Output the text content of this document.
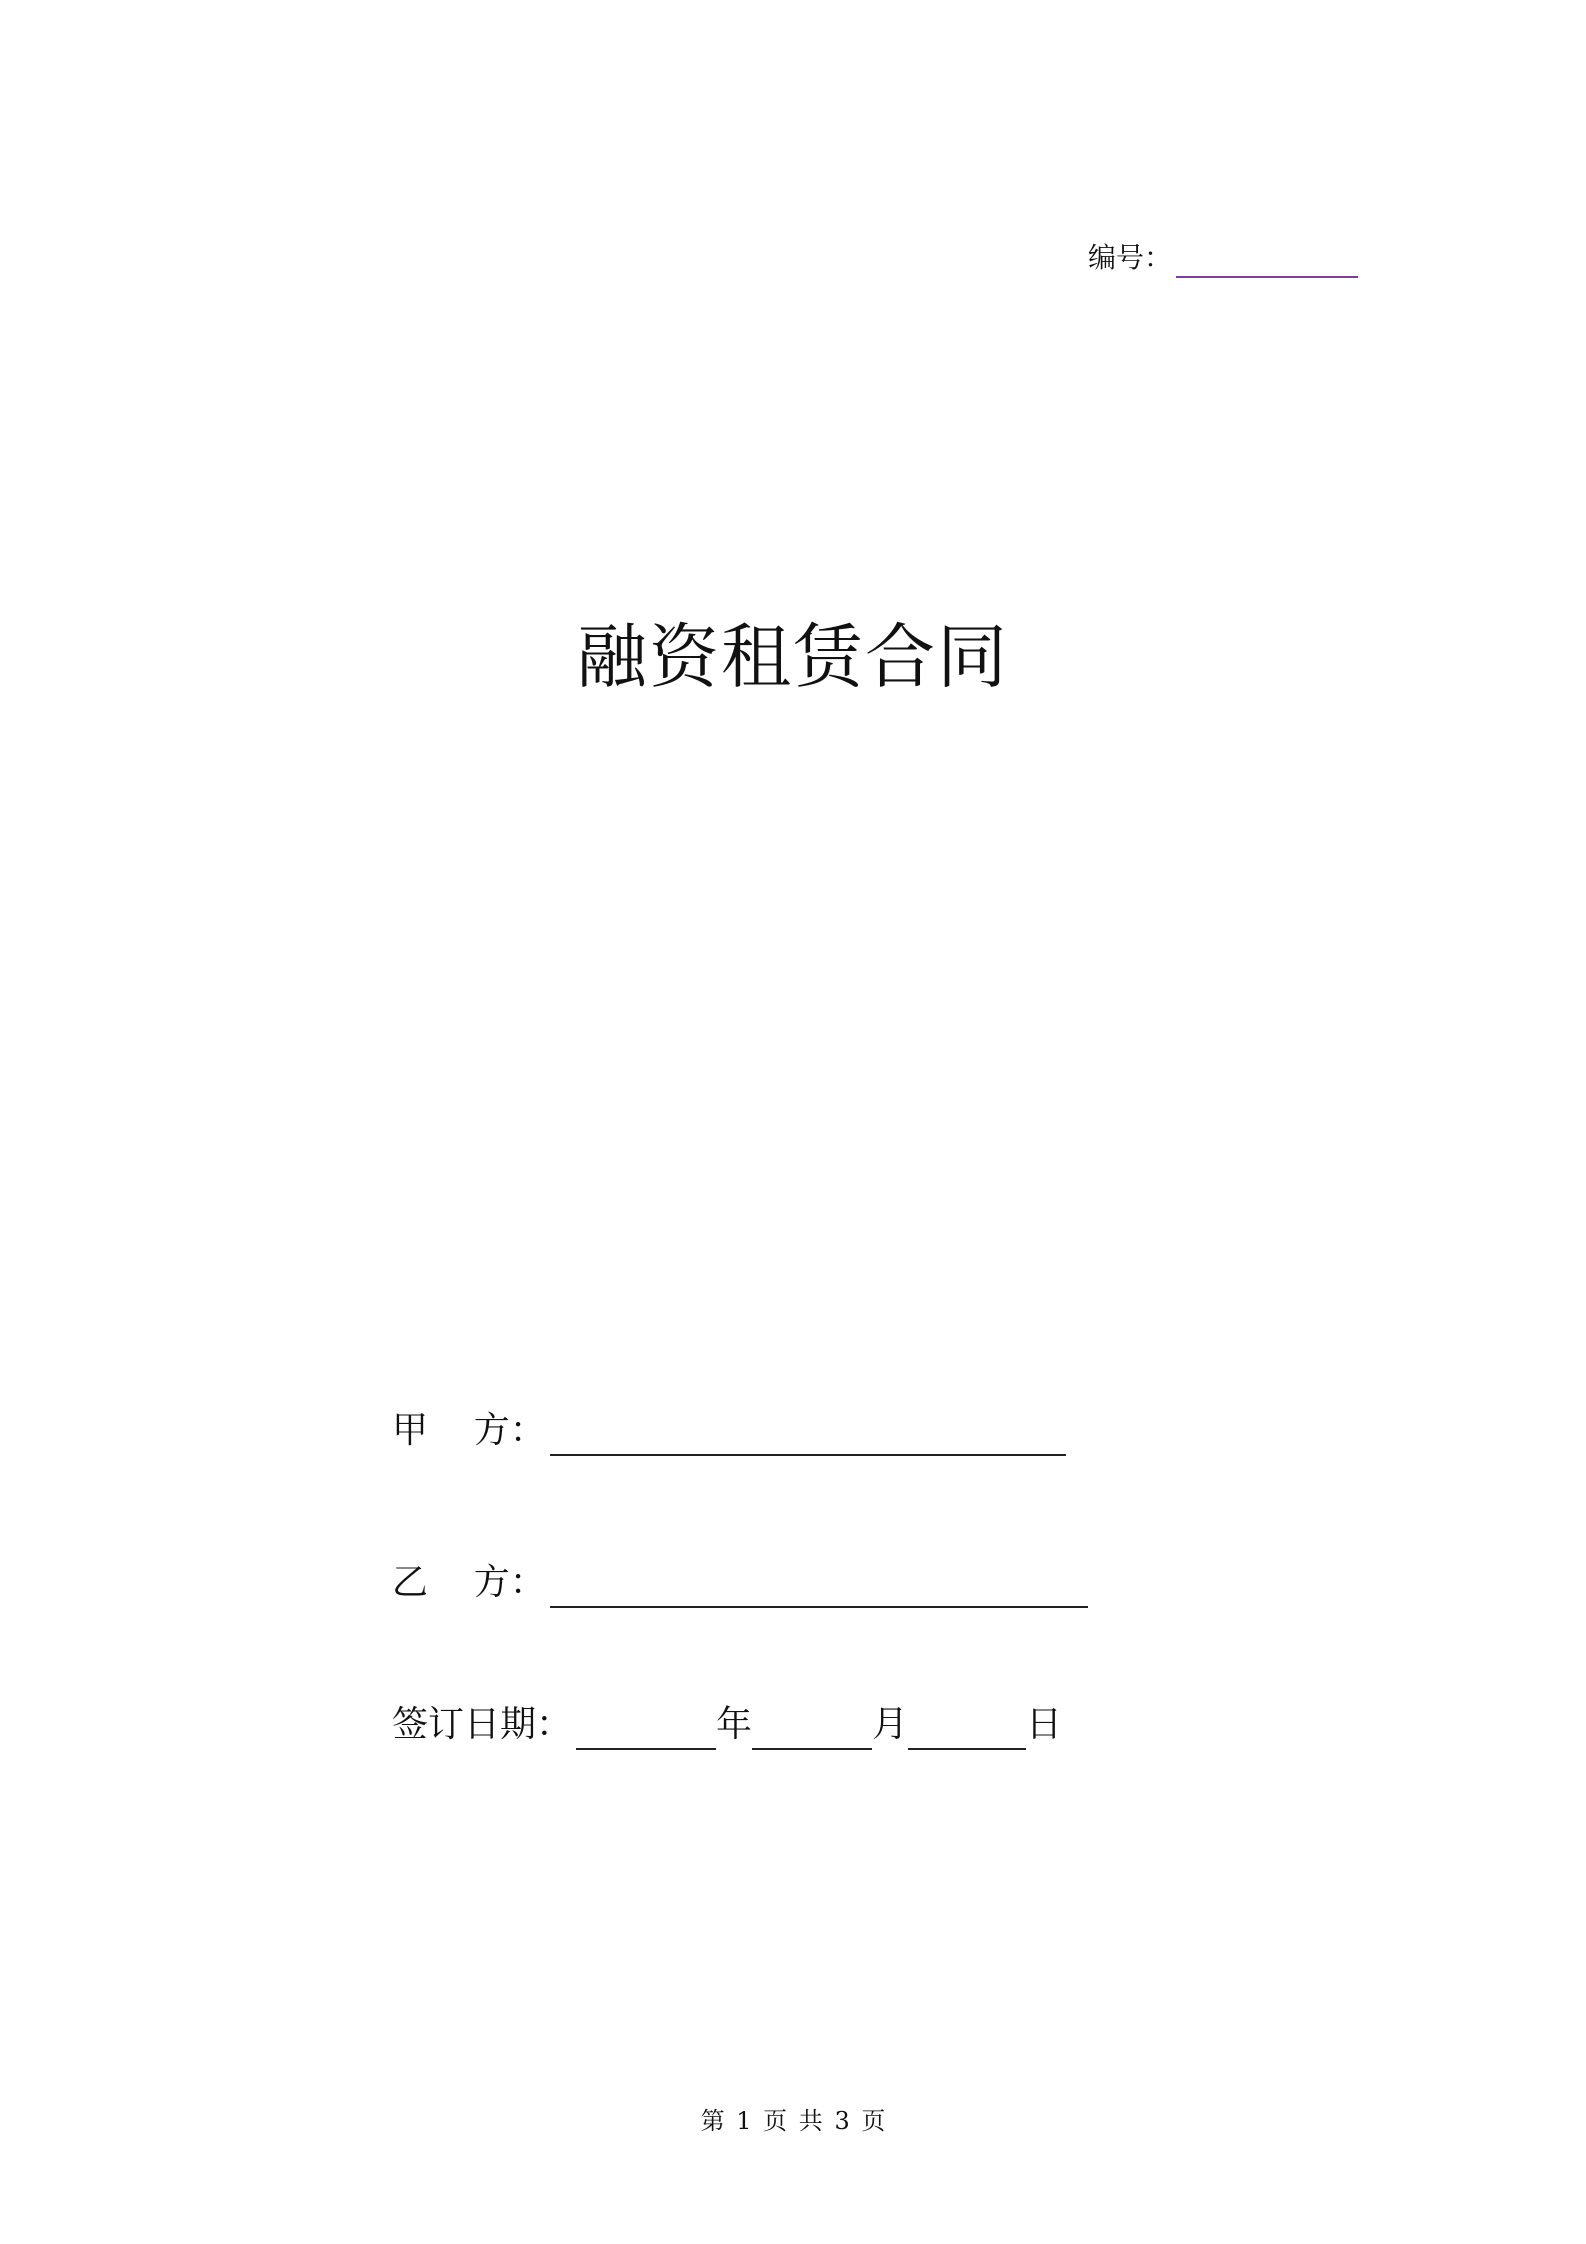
编号：
融资租赁合同
甲    方：
乙    方：
签订日期：	年	月	日
第 1 页 共 3 页
